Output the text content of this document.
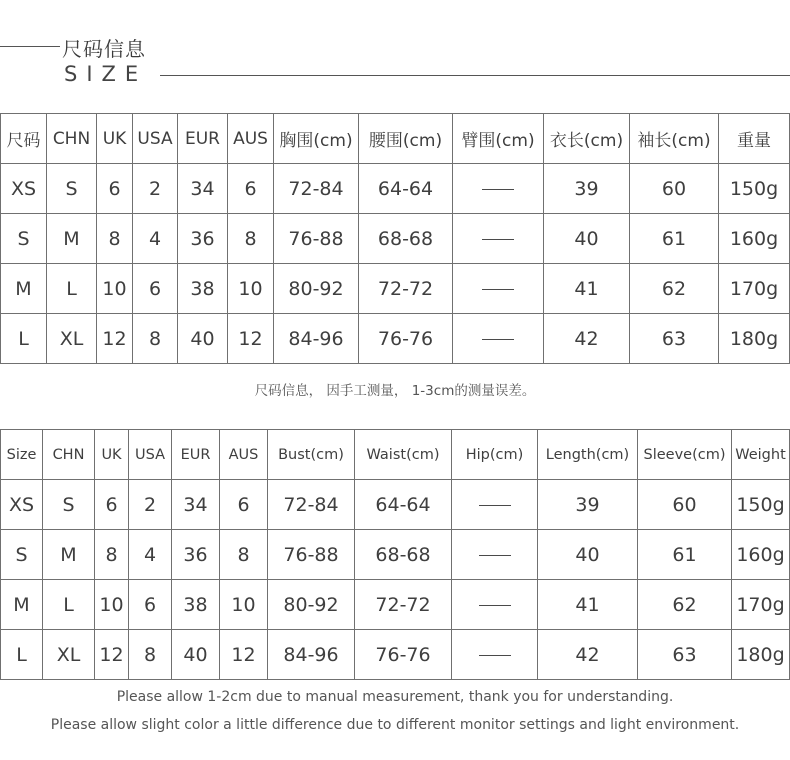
尺码信息
SIZE
尺码	CHN	UK	USA	EUR	AUS	胸围(cm)	腰围(cm)	臂围(cm)	衣长(cm)	袖长(cm)	重量
XS	S	6	2	34	6	72-84	64-64		39	60	150g
S	M	8	4	36	8	76-88	68-68		40	61	160g
M	L	10	6	38	10	80-92	72-72		41	62	170g
L	XL	12	8	40	12	84-96	76-76		42	63	180g
尺码信息， 因手工测量， 1-3cm的测量误差。
Size	CHN	UK	USA	EUR	AUS	Bust(cm)	Waist(cm)	Hip(cm)	Length(cm)	Sleeve(cm)	Weight
XS	S	6	2	34	6	72-84	64-64		39	60	150g
S	M	8	4	36	8	76-88	68-68		40	61	160g
M	L	10	6	38	10	80-92	72-72		41	62	170g
L	XL	12	8	40	12	84-96	76-76		42	63	180g
Please allow 1-2cm due to manual measurement, thank you for understanding.
Please allow slight color a little difference due to different monitor settings and light environment.
